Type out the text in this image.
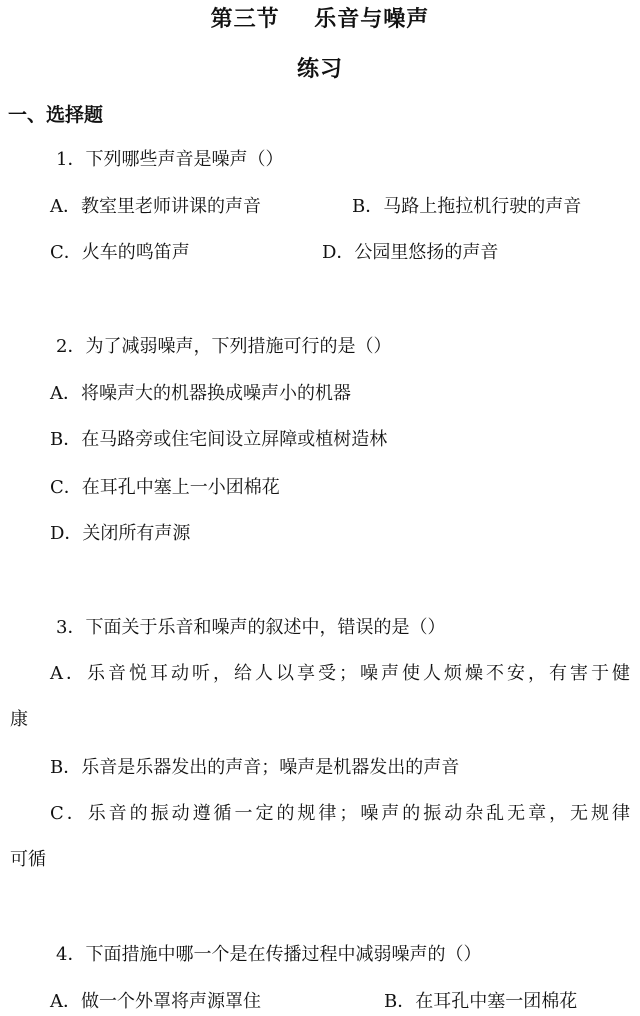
第三节    乐音与噪声
练习
一、选择题
1．下列哪些声音是噪声（）
A．教室里老师讲课的声音	B．马路上拖拉机行驶的声音
C．火车的鸣笛声	D．公园里悠扬的声音
2．为了减弱噪声，下列措施可行的是（）
A．将噪声大的机器换成噪声小的机器
B．在马路旁或住宅间设立屏障或植树造林
C．在耳孔中塞上一小团棉花
D．关闭所有声源
3．下面关于乐音和噪声的叙述中，错误的是（）
A．乐音悦耳动听，给人以享受；噪声使人烦燥不安，有害于健
康
B．乐音是乐器发出的声音；噪声是机器发出的声音
C．乐音的振动遵循一定的规律；噪声的振动杂乱无章，无规律
可循
4．下面措施中哪一个是在传播过程中减弱噪声的（）
A．做一个外罩将声源罩住	B．在耳孔中塞一团棉花
